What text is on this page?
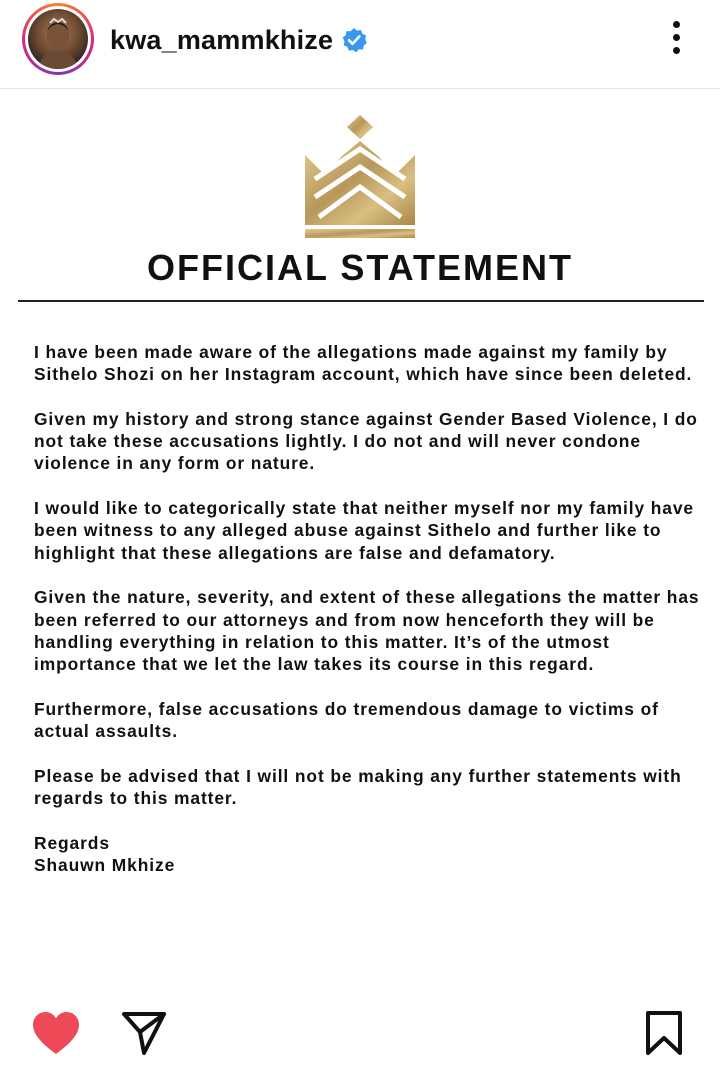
kwa_mammkhize
OFFICIAL STATEMENT

I have been made aware of the allegations made against my family by Sithelo Shozi on her Instagram account, which have since been deleted.

Given my history and strong stance against Gender Based Violence, I do not take these accusations lightly. I do not and will never condone violence in any form or nature.

I would like to categorically state that neither myself nor my family have been witness to any alleged abuse against Sithelo and further like to highlight that these allegations are false and defamatory.

Given the nature, severity, and extent of these allegations the matter has been referred to our attorneys and from now henceforth they will be handling everything in relation to this matter. It’s of the utmost importance that we let the law takes its course in this regard.

Furthermore, false accusations do tremendous damage to victims of actual assaults.

Please be advised that I will not be making any further statements with regards to this matter.

Regards

Shauwn Mkhize
